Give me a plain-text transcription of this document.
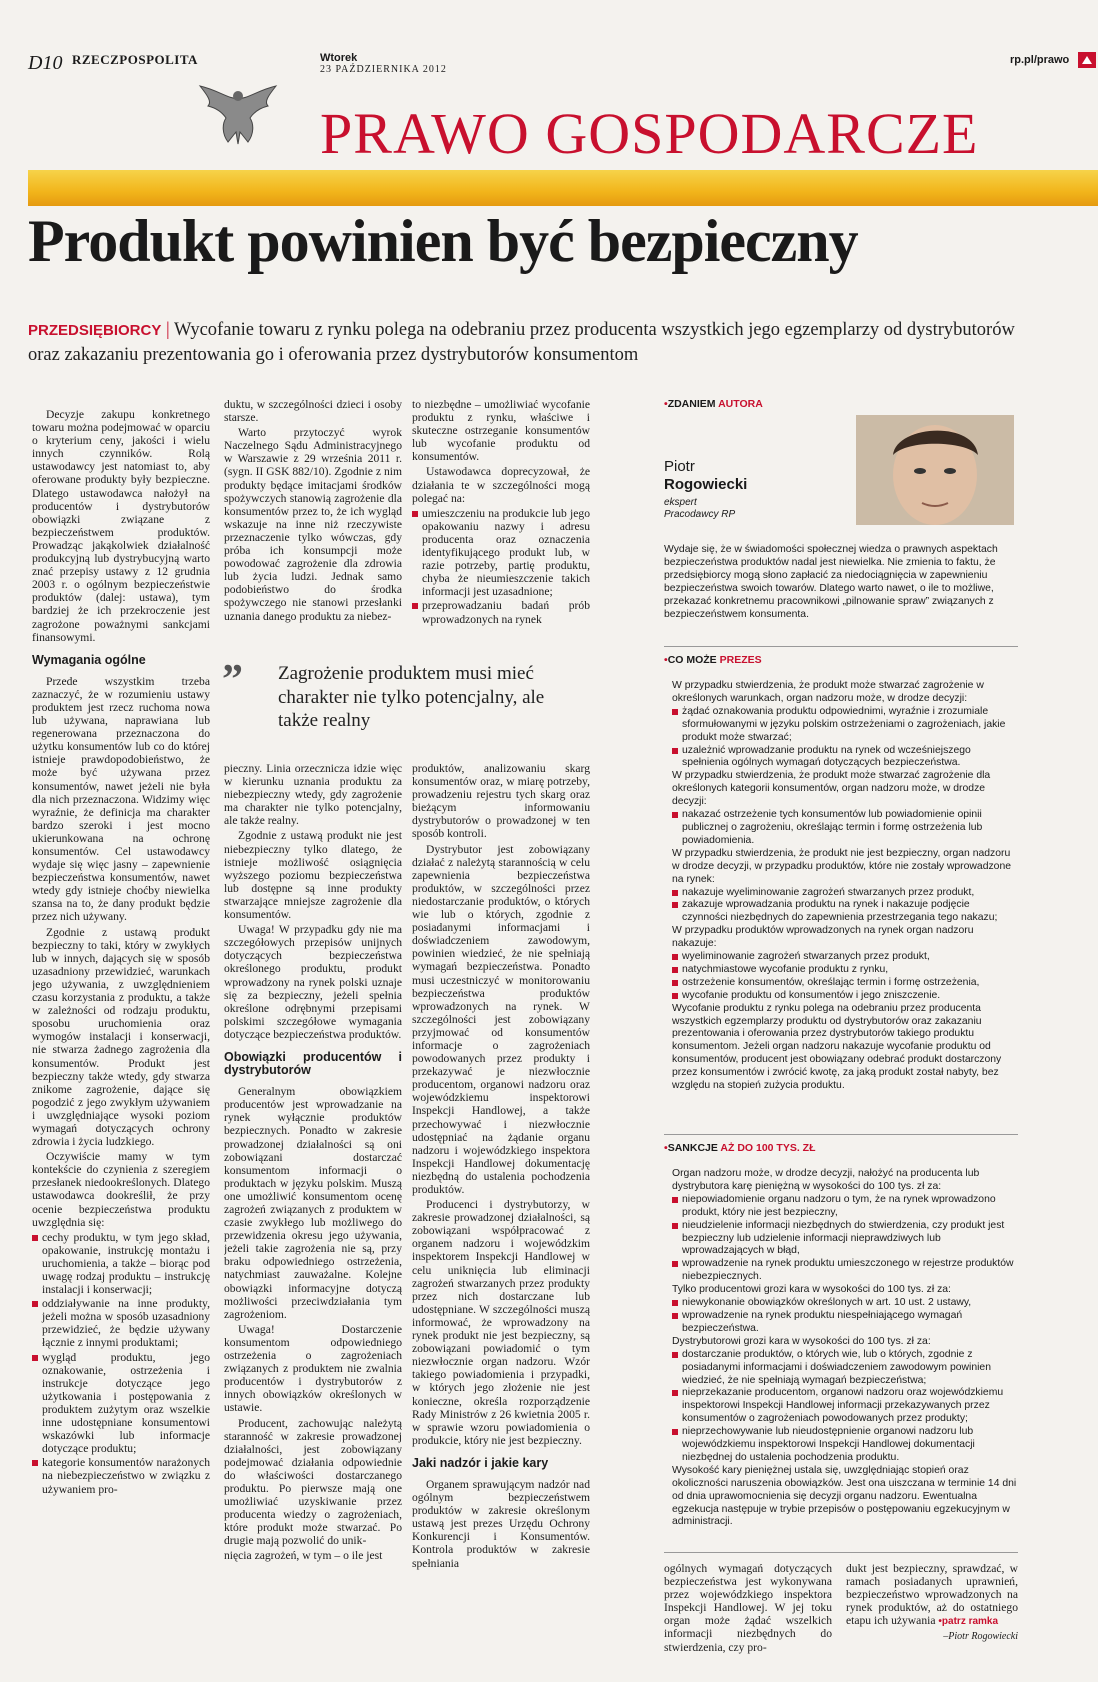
D10 RZECZPOSPOLITA	Wtorek
23 PAŹDZIERNIKA 2012
rp.pl/prawo
PRAWO GOSPODARCZE
Produkt powinien być bezpieczny
PRZEDSIĘBIORCY | Wycofanie towaru z rynku polega na odebraniu przez producenta wszystkich jego egzemplarzy od dystrybutorów oraz zakazaniu prezentowania go i oferowania przez dystrybutorów konsumentom

Decyzje zakupu konkretnego towaru można podejmować w oparciu o kryterium ceny, jakości i wielu innych czynników. Rolą ustawodawcy jest natomiast to, aby oferowane produkty były bezpieczne. Dlatego ustawodawca nałożył na producentów i dystrybutorów obowiązki związane z bezpieczeństwem produktów. Prowadząc jakąkolwiek działalność produkcyjną lub dystrybucyjną warto znać przepisy ustawy z 12 grudnia 2003 r. o ogólnym bezpieczeństwie produktów (dalej: ustawa), tym bardziej że ich przekroczenie jest zagrożone poważnymi sankcjami finansowymi.

Wymagania ogólne

Przede wszystkim trzeba zaznaczyć, że w rozumieniu ustawy produktem jest rzecz ruchoma nowa lub używana, naprawiana lub regenerowana przeznaczona do użytku konsumentów lub co do której istnieje prawdopodobieństwo, że może być używana przez konsumentów, nawet jeżeli nie była dla nich przeznaczona. Widzimy więc wyraźnie, że definicja ma charakter bardzo szeroki i jest mocno ukierunkowana na ochronę konsumentów. Cel ustawodawcy wydaje się więc jasny – zapewnienie bezpieczeństwa konsumentów, nawet wtedy gdy istnieje choćby niewielka szansa na to, że dany produkt będzie przez nich używany.

Zgodnie z ustawą produkt bezpieczny to taki, który w zwykłych lub w innych, dających się w sposób uzasadniony przewidzieć, warunkach jego używania, z uwzględnieniem czasu korzystania z produktu, a także w zależności od rodzaju produktu, sposobu uruchomienia oraz wymogów instalacji i konserwacji, nie stwarza żadnego zagrożenia dla konsumentów. Produkt jest bezpieczny także wtedy, gdy stwarza znikome zagrożenie, dające się pogodzić z jego zwykłym używaniem i uwzględniające wysoki poziom wymagań dotyczących ochrony zdrowia i życia ludzkiego.

Oczywiście mamy w tym kontekście do czynienia z szeregiem przesłanek niedookreślonych. Dlatego ustawodawca dookreślił, że przy ocenie bezpieczeństwa produktu uwzględnia się:

cechy produktu, w tym jego skład, opakowanie, instrukcję montażu i uruchomienia, a także – biorąc pod uwagę rodzaj produktu – instrukcję instalacji i konserwacji;
oddziaływanie na inne produkty, jeżeli można w sposób uzasadniony przewidzieć, że będzie używany łącznie z innymi produktami;
wygląd produktu, jego oznakowanie, ostrzeżenia i instrukcje dotyczące jego użytkowania i postępowania z produktem zużytym oraz wszelkie inne udostępniane konsumentowi wskazówki lub informacje dotyczące produktu;
kategorie konsumentów narażonych na niebezpieczeństwo w związku z używaniem pro-

duktu, w szczególności dzieci i osoby starsze.

Warto przytoczyć wyrok Naczelnego Sądu Administracyjnego w Warszawie z 29 września 2011 r. (sygn. II GSK 882/10). Zgodnie z nim produkty będące imitacjami środków spożywczych stanowią zagrożenie dla konsumentów przez to, że ich wygląd wskazuje na inne niż rzeczywiste przeznaczenie tylko wówczas, gdy próba ich konsumpcji może powodować zagrożenie dla zdrowia lub życia ludzi. Jednak samo podobieństwo do środka spożywczego nie stanowi przesłanki uznania danego produktu za niebez-

to niezbędne – umożliwiać wycofanie produktu z rynku, właściwe i skuteczne ostrzeganie konsumentów lub wycofanie produktu od konsumentów.

Ustawodawca doprecyzował, że działania te w szczególności mogą polegać na:

umieszczeniu na produkcie lub jego opakowaniu nazwy i adresu producenta oraz oznaczenia identyfikującego produkt lub, w razie potrzeby, partię produktu, chyba że nieumieszczenie takich informacji jest uzasadnione;
przeprowadzaniu badań prób wprowadzonych na rynek
” Zagrożenie produktem musi mieć charakter nie tylko potencjalny, ale także realny

pieczny. Linia orzecznicza idzie więc w kierunku uznania produktu za niebezpieczny wtedy, gdy zagrożenie ma charakter nie tylko potencjalny, ale także realny.

Zgodnie z ustawą produkt nie jest niebezpieczny tylko dlatego, że istnieje możliwość osiągnięcia wyższego poziomu bezpieczeństwa lub dostępne są inne produkty stwarzające mniejsze zagrożenie dla konsumentów.

Uwaga! W przypadku gdy nie ma szczegółowych przepisów unijnych dotyczących bezpieczeństwa określonego produktu, produkt wprowadzony na rynek polski uznaje się za bezpieczny, jeżeli spełnia określone odrębnymi przepisami polskimi szczegółowe wymagania dotyczące bezpieczeństwa produktów.

Obowiązki producentów i dystrybutorów

Generalnym obowiązkiem producentów jest wprowadzanie na rynek wyłącznie produktów bezpiecznych. Ponadto w zakresie prowadzonej działalności są oni zobowiązani dostarczać konsumentom informacji o produktach w języku polskim. Muszą one umożliwić konsumentom ocenę zagrożeń związanych z produktem w czasie zwykłego lub możliwego do przewidzenia okresu jego używania, jeżeli takie zagrożenia nie są, przy braku odpowiedniego ostrzeżenia, natychmiast zauważalne. Kolejne obowiązki informacyjne dotyczą możliwości przeciwdziałania tym zagrożeniom.

Uwaga! Dostarczenie konsumentom odpowiedniego ostrzeżenia o zagrożeniach związanych z produktem nie zwalnia producentów i dystrybutorów z innych obowiązków określonych w ustawie.

Producent, zachowując należytą staranność w zakresie prowadzonej działalności, jest zobowiązany podejmować działania odpowiednie do właściwości dostarczanego produktu. Po pierwsze mają one umożliwiać uzyskiwanie przez producenta wiedzy o zagrożeniach, które produkt może stwarzać. Po drugie mają pozwolić do unik-

nięcia zagrożeń, w tym – o ile jest

produktów, analizowaniu skarg konsumentów oraz, w miarę potrzeby, prowadzeniu rejestru tych skarg oraz bieżącym informowaniu dystrybutorów o prowadzonej w ten sposób kontroli.

Dystrybutor jest zobowiązany działać z należytą starannością w celu zapewnienia bezpieczeństwa produktów, w szczególności przez niedostarczanie produktów, o których wie lub o których, zgodnie z posiadanymi informacjami i doświadczeniem zawodowym, powinien wiedzieć, że nie spełniają wymagań bezpieczeństwa. Ponadto musi uczestniczyć w monitorowaniu bezpieczeństwa produktów wprowadzonych na rynek. W szczególności jest zobowiązany przyjmować od konsumentów informacje o zagrożeniach powodowanych przez produkty i przekazywać je niezwłocznie producentom, organowi nadzoru oraz wojewódzkiemu inspektorowi Inspekcji Handlowej, a także przechowywać i niezwłocznie udostępniać na żądanie organu nadzoru i wojewódzkiego inspektora Inspekcji Handlowej dokumentację niezbędną do ustalenia pochodzenia produktów.

Producenci i dystrybutorzy, w zakresie prowadzonej działalności, są zobowiązani współpracować z organem nadzoru i wojewódzkim inspektorem Inspekcji Handlowej w celu uniknięcia lub eliminacji zagrożeń stwarzanych przez produkty przez nich dostarczane lub udostępniane. W szczególności muszą informować, że wprowadzony na rynek produkt nie jest bezpieczny, są zobowiązani powiadomić o tym niezwłocznie organ nadzoru. Wzór takiego powiadomienia i przypadki, w których jego złożenie nie jest konieczne, określa rozporządzenie Rady Ministrów z 26 kwietnia 2005 r. w sprawie wzoru powiadomienia o produkcie, który nie jest bezpieczny.

Jaki nadzór i jakie kary

Organem sprawującym nadzór nad ogólnym bezpieczeństwem produktów w zakresie określonym ustawą jest prezes Urzędu Ochrony Konkurencji i Konsumentów. Kontrola produktów w zakresie spełniania

•ZDANIEM AUTORA
Piotr
Rogowiecki
ekspert
Pracodawcy RP
Wydaje się, że w świadomości społecznej wiedza o prawnych aspektach bezpieczeństwa produktów nadal jest niewielka. Nie zmienia to faktu, że przedsiębiorcy mogą słono zapłacić za niedociągnięcia w zapewnieniu bezpieczeństwa swoich towarów. Dlatego warto nawet, o ile to możliwe, przekazać konkretnemu pracownikowi „pilnowanie spraw” związanych z bezpieczeństwem konsumenta.
•CO MOŻE PREZES

W przypadku stwierdzenia, że produkt może stwarzać zagrożenie w określonych warunkach, organ nadzoru może, w drodze decyzji:

żądać oznakowania produktu odpowiednimi, wyraźnie i zrozumiale sformułowanymi w języku polskim ostrzeżeniami o zagrożeniach, jakie produkt może stwarzać;
uzależnić wprowadzanie produktu na rynek od wcześniejszego spełnienia ogólnych wymagań dotyczących bezpieczeństwa.

W przypadku stwierdzenia, że produkt może stwarzać zagrożenie dla określonych kategorii konsumentów, organ nadzoru może, w drodze decyzji:

nakazać ostrzeżenie tych konsumentów lub powiadomienie opinii publicznej o zagrożeniu, określając termin i formę ostrzeżenia lub powiadomienia.

W przypadku stwierdzenia, że produkt nie jest bezpieczny, organ nadzoru w drodze decyzji, w przypadku produktów, które nie zostały wprowadzone na rynek:

nakazuje wyeliminowanie zagrożeń stwarzanych przez produkt,
zakazuje wprowadzania produktu na rynek i nakazuje podjęcie czynności niezbędnych do zapewnienia przestrzegania tego nakazu;

W przypadku produktów wprowadzonych na rynek organ nadzoru nakazuje:

wyeliminowanie zagrożeń stwarzanych przez produkt,
natychmiastowe wycofanie produktu z rynku,
ostrzeżenie konsumentów, określając termin i formę ostrzeżenia,
wycofanie produktu od konsumentów i jego zniszczenie.

Wycofanie produktu z rynku polega na odebraniu przez producenta wszystkich egzemplarzy produktu od dystrybutorów oraz zakazaniu prezentowania i oferowania przez dystrybutorów takiego produktu konsumentom. Jeżeli organ nadzoru nakazuje wycofanie produktu od konsumentów, producent jest obowiązany odebrać produkt dostarczony przez konsumentów i zwrócić kwotę, za jaką produkt został nabyty, bez względu na stopień zużycia produktu.

•SANKCJE AŻ DO 100 TYS. ZŁ

Organ nadzoru może, w drodze decyzji, nałożyć na producenta lub dystrybutora karę pieniężną w wysokości do 100 tys. zł za:

niepowiadomienie organu nadzoru o tym, że na rynek wprowadzono produkt, który nie jest bezpieczny,
nieudzielenie informacji niezbędnych do stwierdzenia, czy produkt jest bezpieczny lub udzielenie informacji nieprawdziwych lub wprowadzających w błąd,
wprowadzenie na rynek produktu umieszczonego w rejestrze produktów niebezpiecznych.

Tylko producentowi grozi kara w wysokości do 100 tys. zł za:

niewykonanie obowiązków określonych w art. 10 ust. 2 ustawy,
wprowadzenie na rynek produktu niespełniającego wymagań bezpieczeństwa.

Dystrybutorowi grozi kara w wysokości do 100 tys. zł za:

dostarczanie produktów, o których wie, lub o których, zgodnie z posiadanymi informacjami i doświadczeniem zawodowym powinien wiedzieć, że nie spełniają wymagań bezpieczeństwa;
nieprzekazanie producentom, organowi nadzoru oraz wojewódzkiemu inspektorowi Inspekcji Handlowej informacji przekazywanych przez konsumentów o zagrożeniach powodowanych przez produkty;
nieprzechowywanie lub nieudostępnienie organowi nadzoru lub wojewódzkiemu inspektorowi Inspekcji Handlowej dokumentacji niezbędnej do ustalenia pochodzenia produktu.

Wysokość kary pieniężnej ustala się, uwzględniając stopień oraz okoliczności naruszenia obowiązków. Jest ona uiszczana w terminie 14 dni od dnia uprawomocnienia się decyzji organu nadzoru. Ewentualna egzekucja następuje w trybie przepisów o postępowaniu egzekucyjnym w administracji.

ogólnych wymagań dotyczących bezpieczeństwa jest wykonywana przez wojewódzkiego inspektora Inspekcji Handlowej. W jej toku organ może żądać wszelkich informacji niezbędnych do stwierdzenia, czy pro-

dukt jest bezpieczny, sprawdzać, w ramach posiadanych uprawnień, bezpieczeństwo wprowadzonych na rynek produktów, aż do ostatniego etapu ich używania •patrz ramka

–Piotr Rogowiecki
